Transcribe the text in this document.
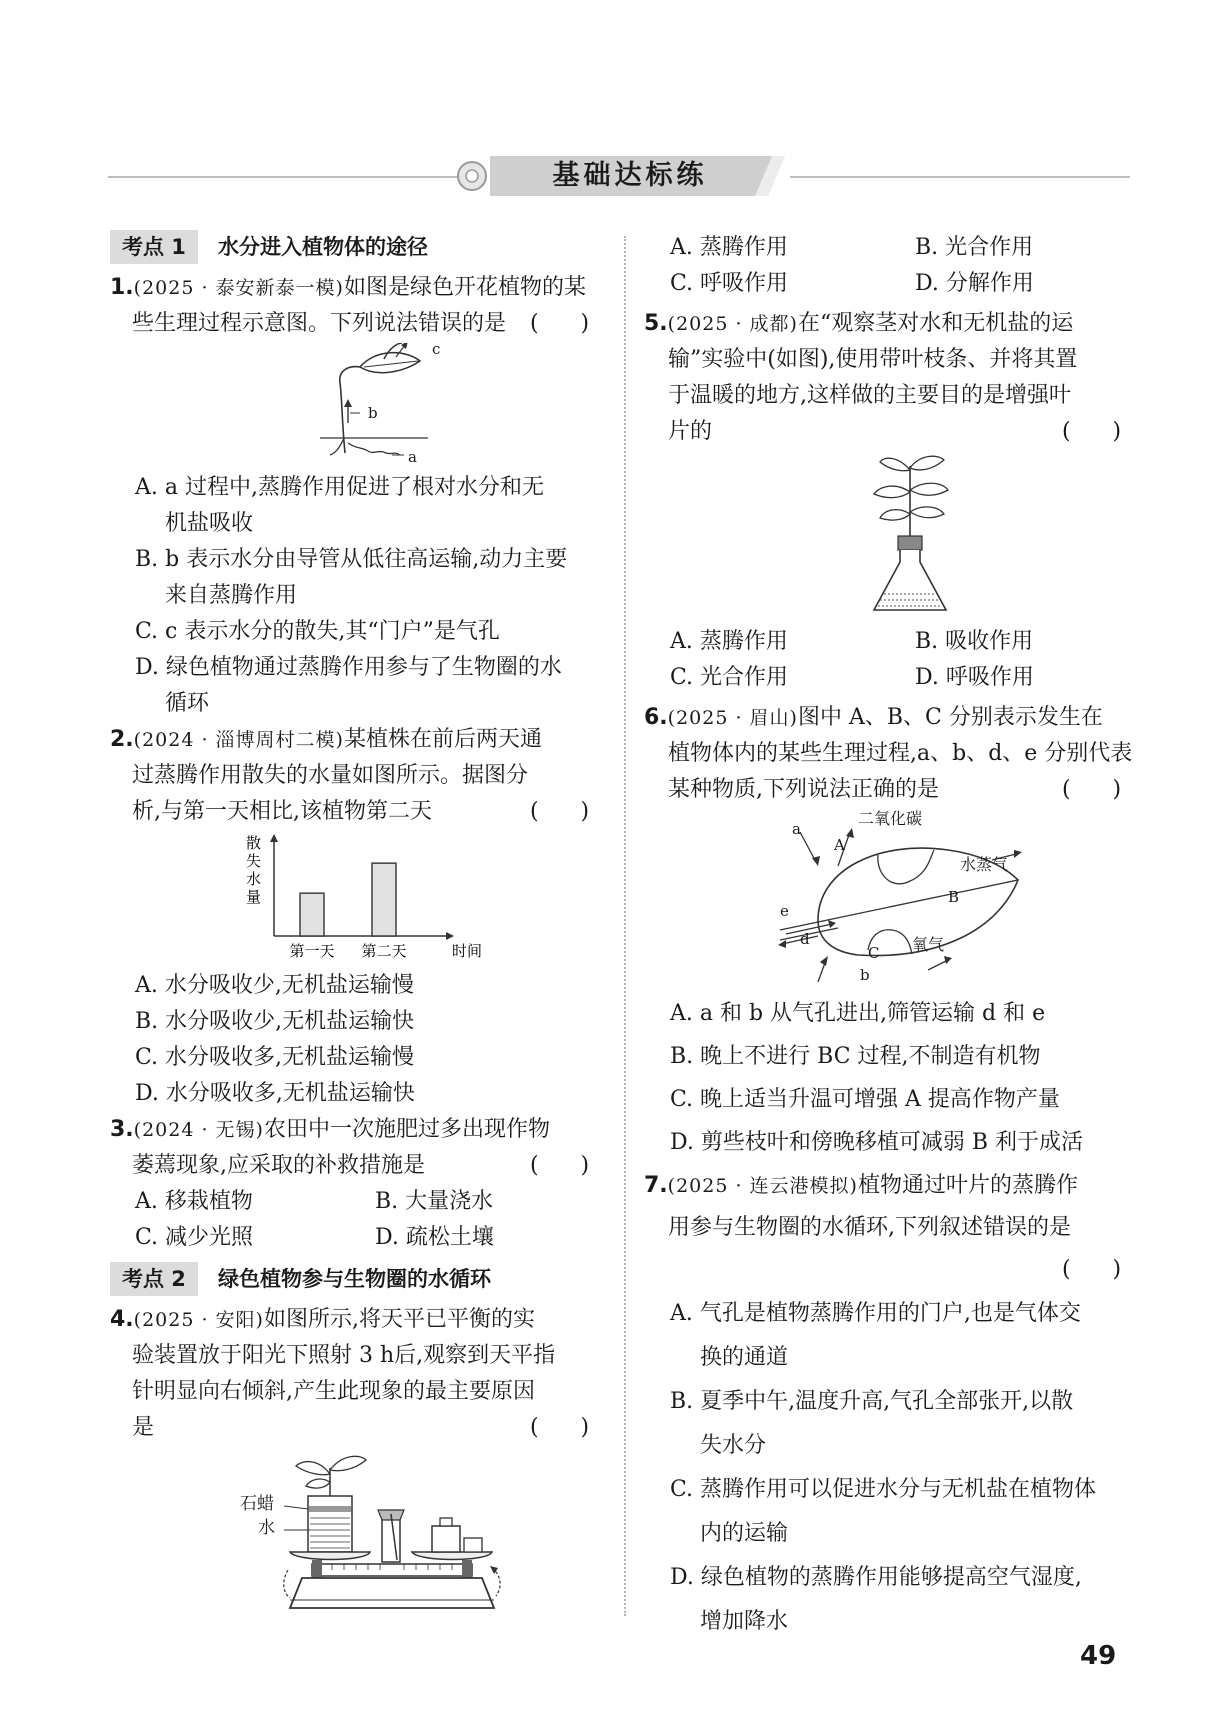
基础达标练
考点 1	水分进入植物体的途径
1.(2025 · 泰安新泰一模)如图是绿色开花植物的某
些生理过程示意图。下列说法错误的是 (      )
c
b
a
A. a 过程中,蒸腾作用促进了根对水分和无
机盐吸收
B. b 表示水分由导管从低往高运输,动力主要
来自蒸腾作用
C. c 表示水分的散失,其“门户”是气孔
D. 绿色植物通过蒸腾作用参与了生物圈的水
循环
2.(2024 · 淄博周村二模)某植株在前后两天通
过蒸腾作用散失的水量如图所示。据图分
析,与第一天相比,该植物第二天	(      )
第一天 第二天
散失水量
时间
A. 水分吸收少,无机盐运输慢
B. 水分吸收少,无机盐运输快
C. 水分吸收多,无机盐运输慢
D. 水分吸收多,无机盐运输快
3.(2024 · 无锡)农田中一次施肥过多出现作物
萎蔫现象,应采取的补救措施是	(      )
A. 移栽植物	B. 大量浇水
C. 减少光照	D. 疏松土壤
考点 2	绿色植物参与生物圈的水循环
4.(2025 · 安阳)如图所示,将天平已平衡的实
验装置放于阳光下照射 3 h后,观察到天平指
针明显向右倾斜,产生此现象的最主要原因
是	(      )
石蜡
水
A. 蒸腾作用	B. 光合作用
C. 呼吸作用	D. 分解作用
5.(2025 · 成都)在“观察茎对水和无机盐的运
输”实验中(如图),使用带叶枝条、并将其置
于温暖的地方,这样做的主要目的是增强叶
片的	(      )
A. 蒸腾作用	B. 吸收作用
C. 光合作用	D. 呼吸作用
6.(2025 · 眉山)图中 A、B、C 分别表示发生在
植物体内的某些生理过程,a、b、d、e 分别代表
某种物质,下列说法正确的是	(      )
a
二氧化碳
A
水蒸气
B
e
d
C 氧气
b
A. a 和 b 从气孔进出,筛管运输 d 和 e
B. 晚上不进行 BC 过程,不制造有机物
C. 晚上适当升温可增强 A 提高作物产量
D. 剪些枝叶和傍晚移植可减弱 B 利于成活
7.(2025 · 连云港模拟)植物通过叶片的蒸腾作
用参与生物圈的水循环,下列叙述错误的是
(      )
A. 气孔是植物蒸腾作用的门户,也是气体交
换的通道
B. 夏季中午,温度升高,气孔全部张开,以散
失水分
C. 蒸腾作用可以促进水分与无机盐在植物体
内的运输
D. 绿色植物的蒸腾作用能够提高空气湿度,
增加降水
49
